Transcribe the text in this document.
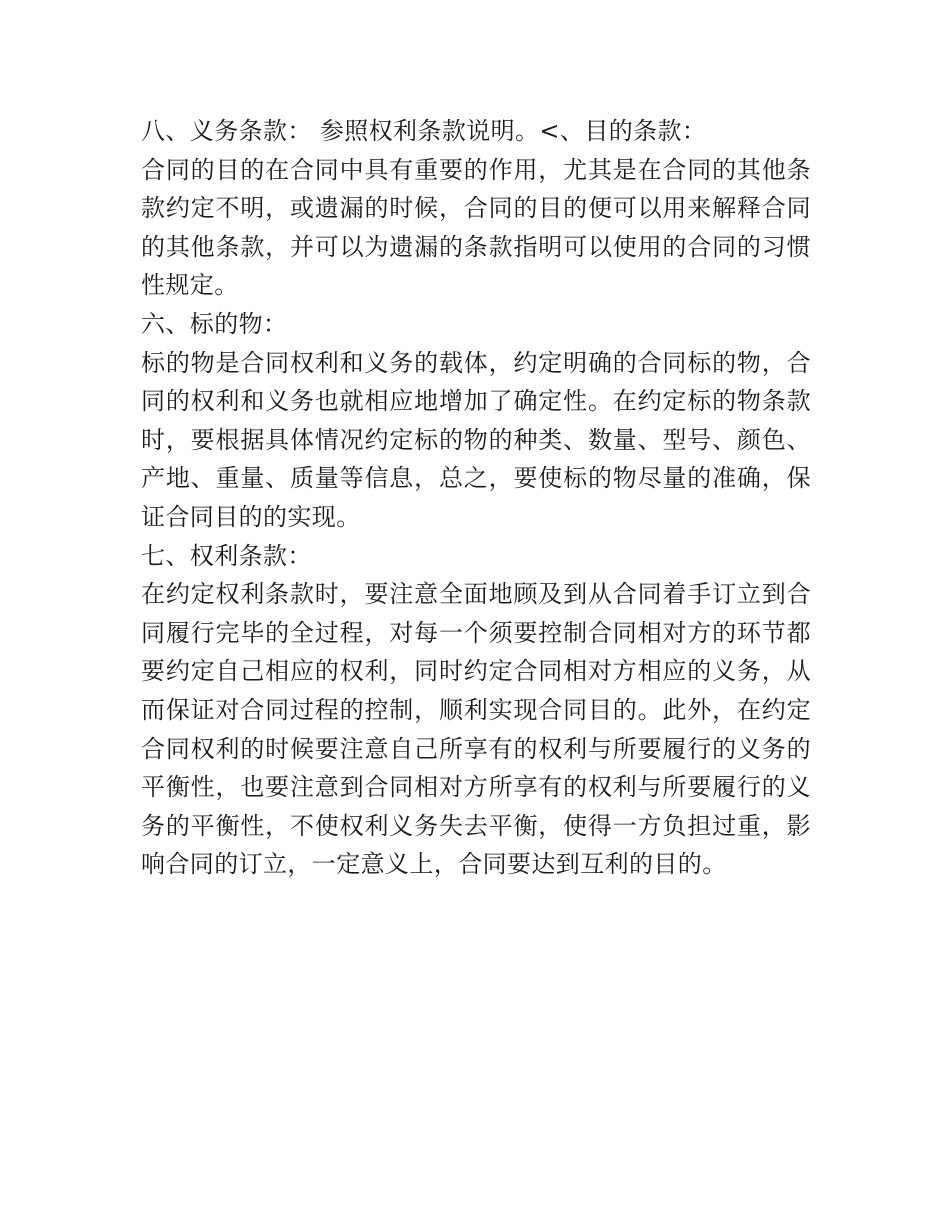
八、义务条款： 参照权利条款说明。<、目的条款：

合同的目的在合同中具有重要的作用，尤其是在合同的其他条款约定不明，或遗漏的时候，合同的目的便可以用来解释合同的其他条款，并可以为遗漏的条款指明可以使用的合同的习惯性规定。

六、标的物：

标的物是合同权利和义务的载体，约定明确的合同标的物，合同的权利和义务也就相应地增加了确定性。在约定标的物条款时，要根据具体情况约定标的物的种类、数量、型号、颜色、产地、重量、质量等信息，总之，要使标的物尽量的准确，保证合同目的的实现。

七、权利条款：

在约定权利条款时，要注意全面地顾及到从合同着手订立到合同履行完毕的全过程，对每一个须要控制合同相对方的环节都要约定自己相应的权利，同时约定合同相对方相应的义务，从而保证对合同过程的控制，顺利实现合同目的。此外，在约定合同权利的时候要注意自己所享有的权利与所要履行的义务的平衡性，也要注意到合同相对方所享有的权利与所要履行的义务的平衡性，不使权利义务失去平衡，使得一方负担过重，影响合同的订立，一定意义上，合同要达到互利的目的。
